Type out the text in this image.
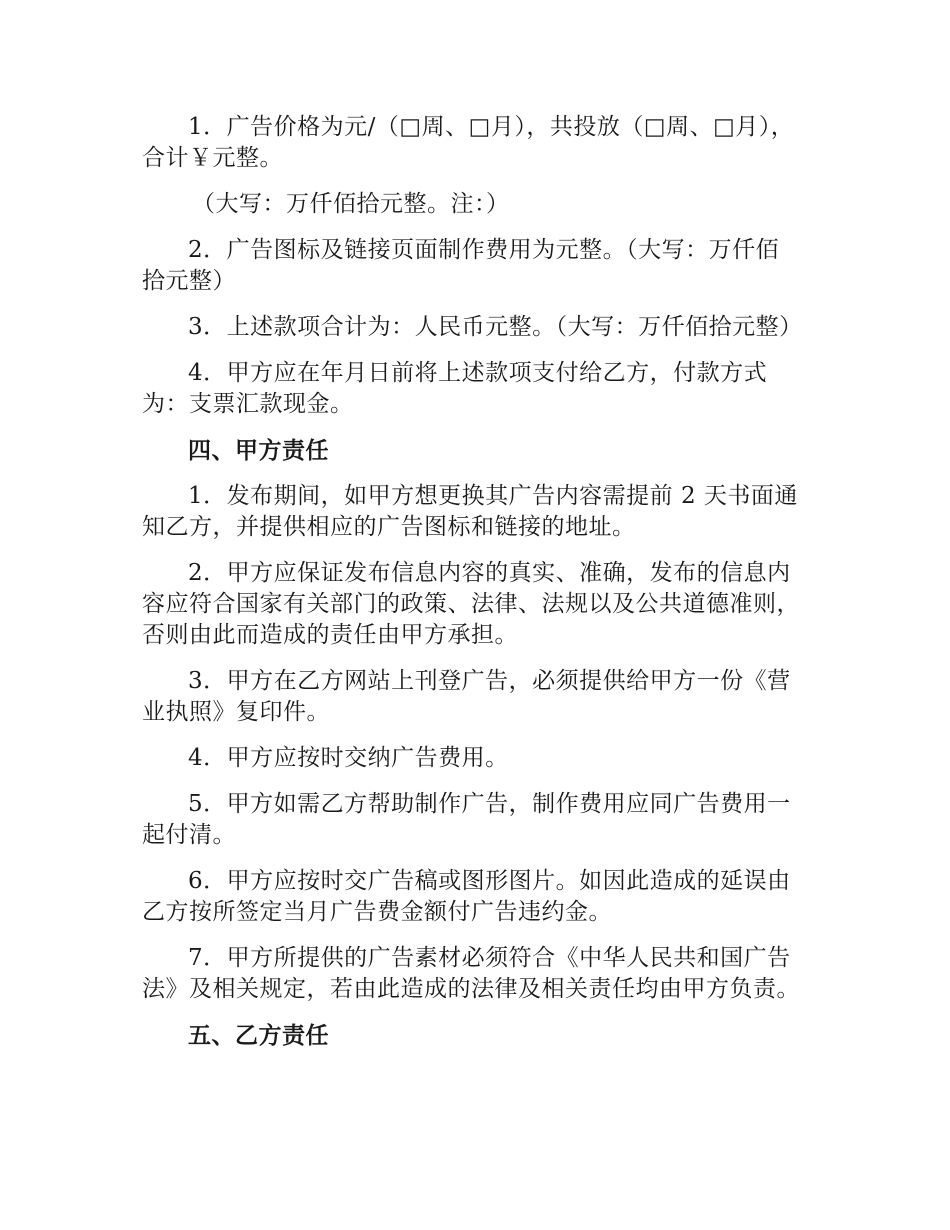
1．广告价格为元/（□周、□月），共投放（□周、□月），合计￥元整。

（大写：万仟佰拾元整。注：）

2．广告图标及链接页面制作费用为元整。（大写：万仟佰拾元整）

3．上述款项合计为：人民币元整。（大写：万仟佰拾元整）

4．甲方应在年月日前将上述款项支付给乙方，付款方式为：支票汇款现金。

四、甲方责任

1．发布期间，如甲方想更换其广告内容需提前 2 天书面通知乙方，并提供相应的广告图标和链接的地址。

2．甲方应保证发布信息内容的真实、准确，发布的信息内容应符合国家有关部门的政策、法律、法规以及公共道德准则，否则由此而造成的责任由甲方承担。

3．甲方在乙方网站上刊登广告，必须提供给甲方一份《营业执照》复印件。

4．甲方应按时交纳广告费用。

5．甲方如需乙方帮助制作广告，制作费用应同广告费用一起付清。

6．甲方应按时交广告稿或图形图片。如因此造成的延误由乙方按所签定当月广告费金额付广告违约金。

7．甲方所提供的广告素材必须符合《中华人民共和国广告法》及相关规定，若由此造成的法律及相关责任均由甲方负责。

五、乙方责任
